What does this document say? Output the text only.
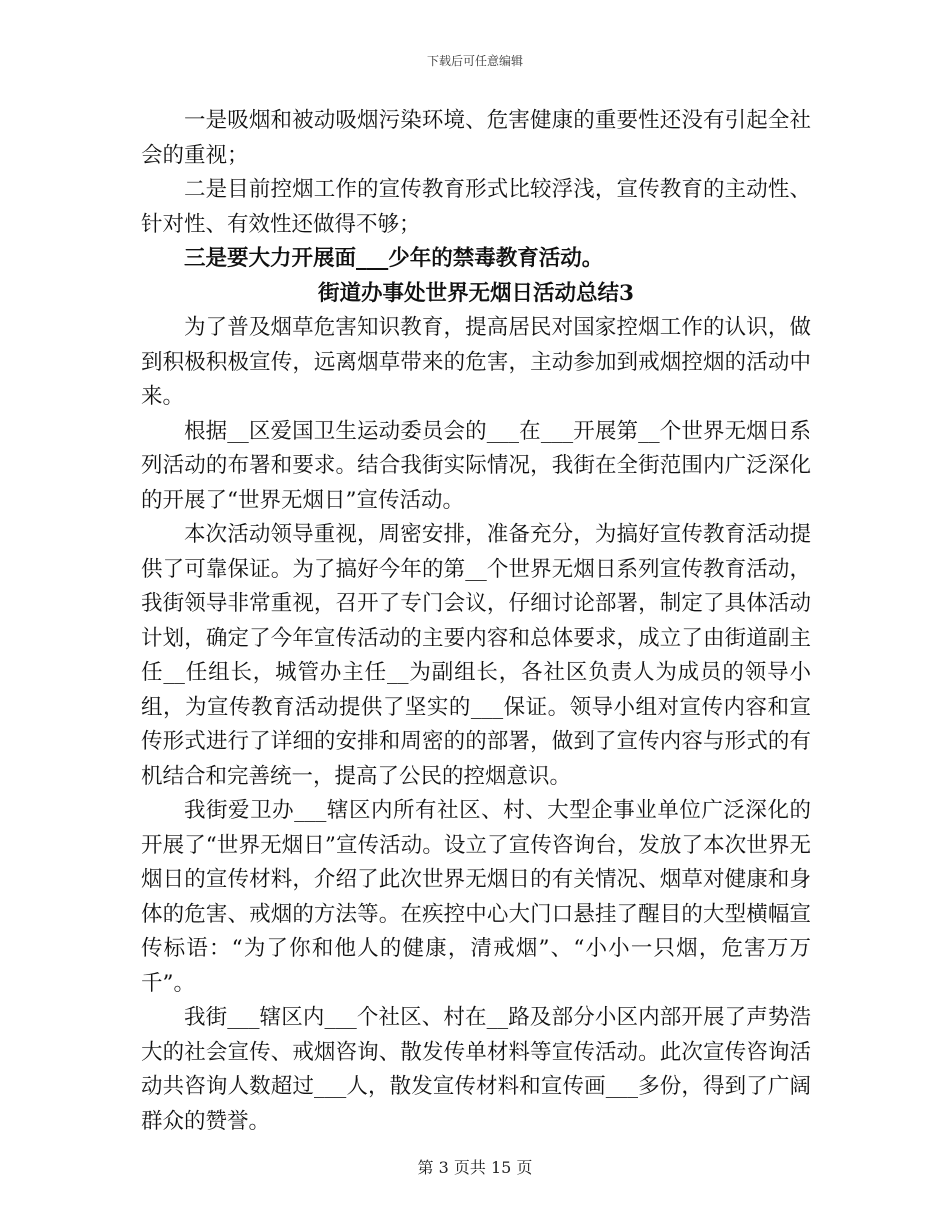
下载后可任意编辑

一是吸烟和被动吸烟污染环境、危害健康的重要性还没有引起全社会的重视；

二是目前控烟工作的宣传教育形式比较浮浅，宣传教育的主动性、针对性、有效性还做得不够；

三是要大力开展面___少年的禁毒教育活动。

街道办事处世界无烟日活动总结3

为了普及烟草危害知识教育，提高居民对国家控烟工作的认识，做到积极积极宣传，远离烟草带来的危害，主动参加到戒烟控烟的活动中来。

根据__区爱国卫生运动委员会的___在___开展第__个世界无烟日系列活动的布署和要求。结合我街实际情况，我街在全街范围内广泛深化的开展了“世界无烟日”宣传活动。

本次活动领导重视，周密安排，准备充分，为搞好宣传教育活动提供了可靠保证。为了搞好今年的第__个世界无烟日系列宣传教育活动，我街领导非常重视，召开了专门会议，仔细讨论部署，制定了具体活动计划，确定了今年宣传活动的主要内容和总体要求，成立了由街道副主任__任组长，城管办主任__为副组长，各社区负责人为成员的领导小组，为宣传教育活动提供了坚实的___保证。领导小组对宣传内容和宣传形式进行了详细的安排和周密的的部署，做到了宣传内容与形式的有机结合和完善统一，提高了公民的控烟意识。

我街爱卫办___辖区内所有社区、村、大型企事业单位广泛深化的开展了“世界无烟日”宣传活动。设立了宣传咨询台，发放了本次世界无烟日的宣传材料，介绍了此次世界无烟日的有关情况、烟草对健康和身体的危害、戒烟的方法等。在疾控中心大门口悬挂了醒目的大型横幅宣传标语：“为了你和他人的健康，清戒烟”、“小小一只烟，危害万万千”。

我街___辖区内___个社区、村在__路及部分小区内部开展了声势浩大的社会宣传、戒烟咨询、散发传单材料等宣传活动。此次宣传咨询活动共咨询人数超过___人，散发宣传材料和宣传画___多份，得到了广阔群众的赞誉。

第 3 页共 15 页
